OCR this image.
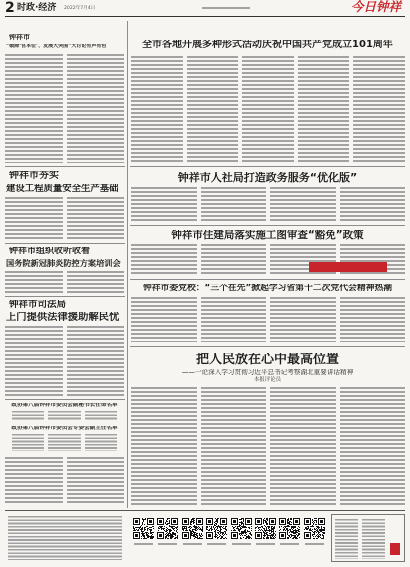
2 时政·经济 2022年7月4日	今日钟祥
钟祥市
“破除‘官本位’、发展大突围”大讨论有声有色
钟祥市夯实
建设工程质量安全生产基础
钟祥市组织收听收看
国务院新冠肺炎防控方案培训会
钟祥市司法局
上门提供法律援助解民忧
政协第八届钟祥市委员会副秘书长任命名单
政协第八届钟祥市委员会专委会副主任名单
全市各地开展多种形式活动庆祝中国共产党成立101周年
钟祥市人社局打造政务服务“优化版”
钟祥市住建局落实施工图审查“豁免”政策
钟祥市委党校：“三个在先”掀起学习省第十二次党代会精神热潮
把人民放在心中最高位置
——一论深入学习贯彻习近平总书记考察湖北重要讲话精神
本报评论员
